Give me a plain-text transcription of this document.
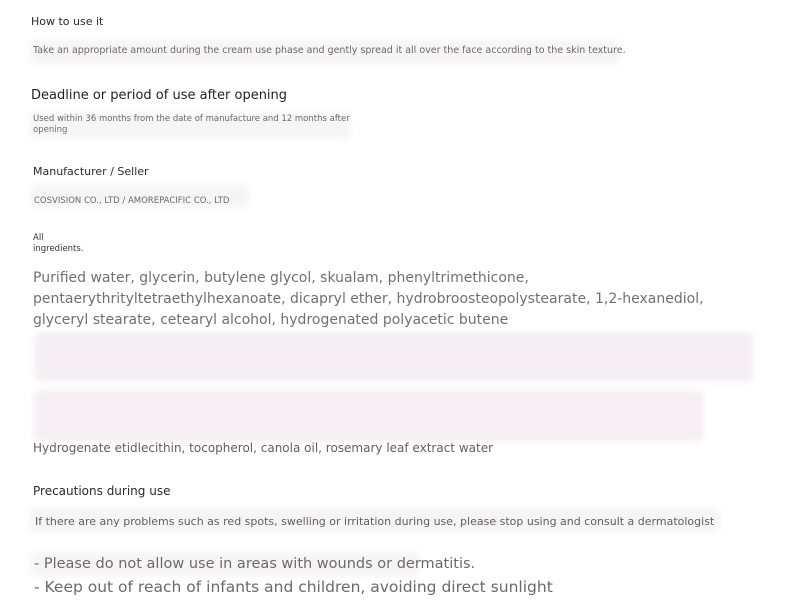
How to use it

Take an appropriate amount during the cream use phase and gently spread it all over the face according to the skin texture.

Deadline or period of use after opening

Used within 36 months from the date of manufacture and 12 months after

opening

Manufacturer / Seller

COSVISION CO., LTD / AMOREPACIFIC CO., LTD

All

ingredients.

Purified water, glycerin, butylene glycol, skualam, phenyltrimethicone, pentaerythrityltetraethylhexanoate, dicapryl ether, hydrobroosteopolystearate, 1,2-hexanediol, glyceryl stearate, cetearyl alcohol, hydrogenated polyacetic butene

Hydrogenate etidlecithin, tocopherol, canola oil, rosemary leaf extract water

Precautions during use

If there are any problems such as red spots, swelling or irritation during use, please stop using and consult a dermatologist

- Please do not allow use in areas with wounds or dermatitis.

- Keep out of reach of infants and children, avoiding direct sunlight
